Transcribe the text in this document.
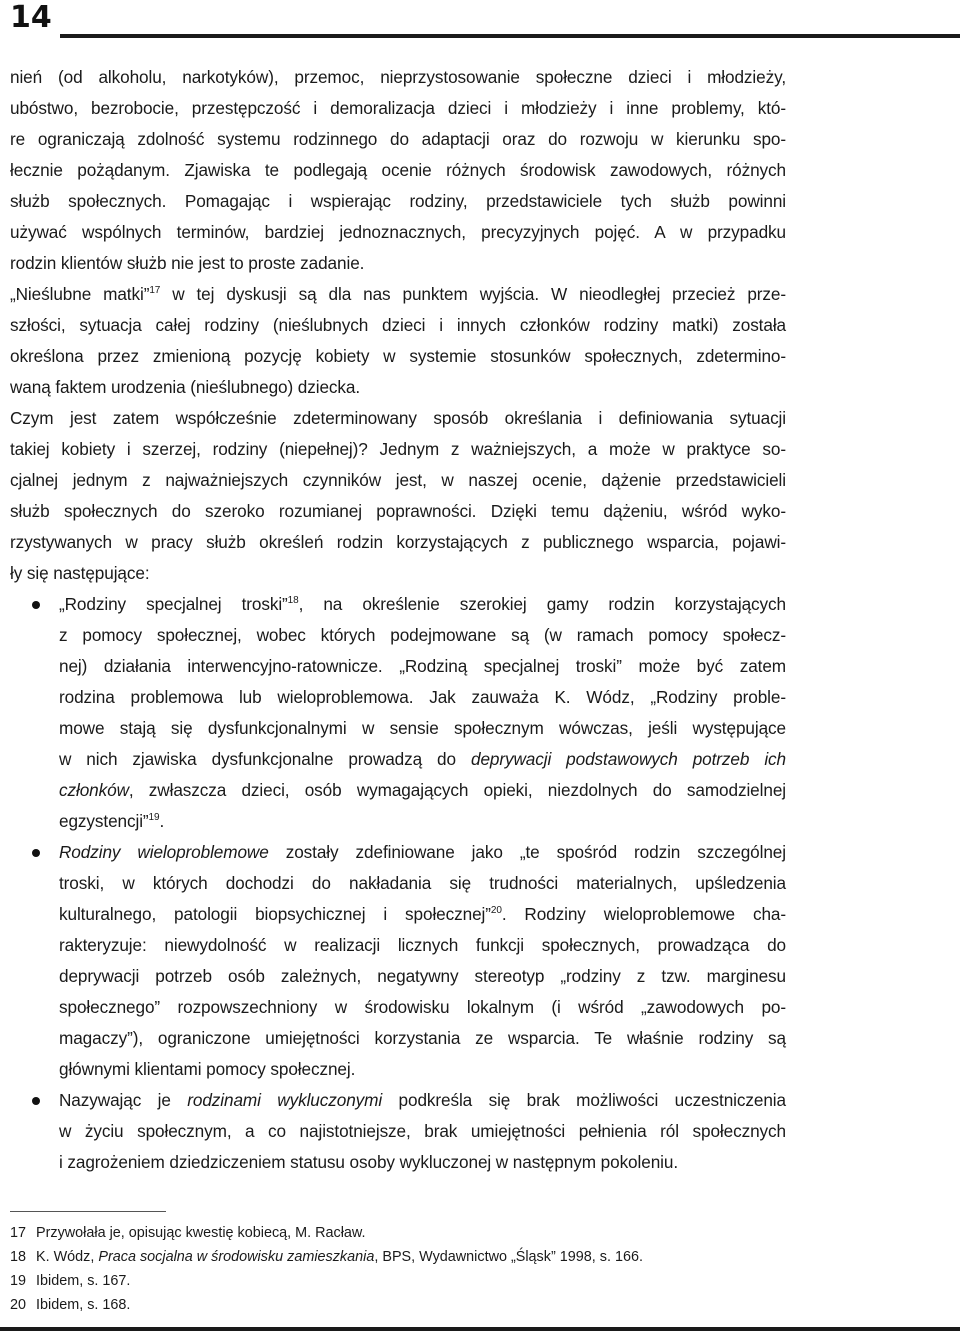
14
nień (od alkoholu, narkotyków), przemoc, nieprzystosowanie społeczne dzieci i młodzieży,
ubóstwo, bezrobocie, przestępczość i demoralizacja dzieci i młodzieży i inne problemy, któ-
re ograniczają zdolność systemu rodzinnego do adaptacji oraz do rozwoju w kierunku spo-
łecznie pożądanym. Zjawiska te podlegają ocenie różnych środowisk zawodowych, różnych
służb społecznych. Pomagając i wspierając rodziny, przedstawiciele tych służb powinni
używać wspólnych terminów, bardziej jednoznacznych, precyzyjnych pojęć. A w przypadku
rodzin klientów służb nie jest to proste zadanie.
„Nieślubne matki”$^{17}$ w tej dyskusji są dla nas punktem wyjścia. W nieodległej przecież prze-
szłości, sytuacja całej rodziny (nieślubnych dzieci i innych członków rodziny matki) została
określona przez zmienioną pozycję kobiety w systemie stosunków społecznych, zdetermino-
waną faktem urodzenia (nieślubnego) dziecka.
Czym jest zatem współcześnie zdeterminowany sposób określania i definiowania sytuacji
takiej kobiety i szerzej, rodziny (niepełnej)? Jednym z ważniejszych, a może w praktyce so-
cjalnej jednym z najważniejszych czynników jest, w naszej ocenie, dążenie przedstawicieli
służb społecznych do szeroko rozumianej poprawności. Dzięki temu dążeniu, wśród wyko-
rzystywanych w pracy służb określeń rodzin korzystających z publicznego wsparcia, pojawi-
ły się następujące:
„Rodziny specjalnej troski”$^{18}$, na określenie szerokiej gamy rodzin korzystających
z pomocy społecznej, wobec których podejmowane są (w ramach pomocy społecz-
nej) działania interwencyjno-ratownicze. „Rodziną specjalnej troski” może być zatem
rodzina problemowa lub wieloproblemowa. Jak zauważa K. Wódz, „Rodziny proble-
mowe stają się dysfunkcjonalnymi w sensie społecznym wówczas, jeśli występujące
w nich zjawiska dysfunkcjonalne prowadzą do deprywacji podstawowych potrzeb ich
członków, zwłaszcza dzieci, osób wymagających opieki, niezdolnych do samodzielnej
egzystencji”$^{19}$.
Rodziny wieloproblemowe zostały zdefiniowane jako „te spośród rodzin szczególnej
troski, w których dochodzi do nakładania się trudności materialnych, upśledzenia
kulturalnego, patologii biopsychicznej i społecznej”$^{20}$. Rodziny wieloproblemowe cha-
rakteryzuje: niewydolność w realizacji licznych funkcji społecznych, prowadząca do
deprywacji potrzeb osób zależnych, negatywny stereotyp „rodziny z tzw. marginesu
społecznego” rozpowszechniony w środowisku lokalnym (i wśród „zawodowych po-
magaczy”), ograniczone umiejętności korzystania ze wsparcia. Te właśnie rodziny są
głównymi klientami pomocy społecznej.
Nazywając je rodzinami wykluczonymi podkreśla się brak możliwości uczestniczenia
w życiu społecznym, a co najistotniejsze, brak umiejętności pełnienia ról społecznych
i zagrożeniem dziedziczeniem statusu osoby wykluczonej w następnym pokoleniu.
17 Przywołała je, opisując kwestię kobiecą, M. Racław.
18 K. Wódz, Praca socjalna w środowisku zamieszkania, BPS, Wydawnictwo „Śląsk” 1998, s. 166.
19 Ibidem, s. 167.
20 Ibidem, s. 168.
